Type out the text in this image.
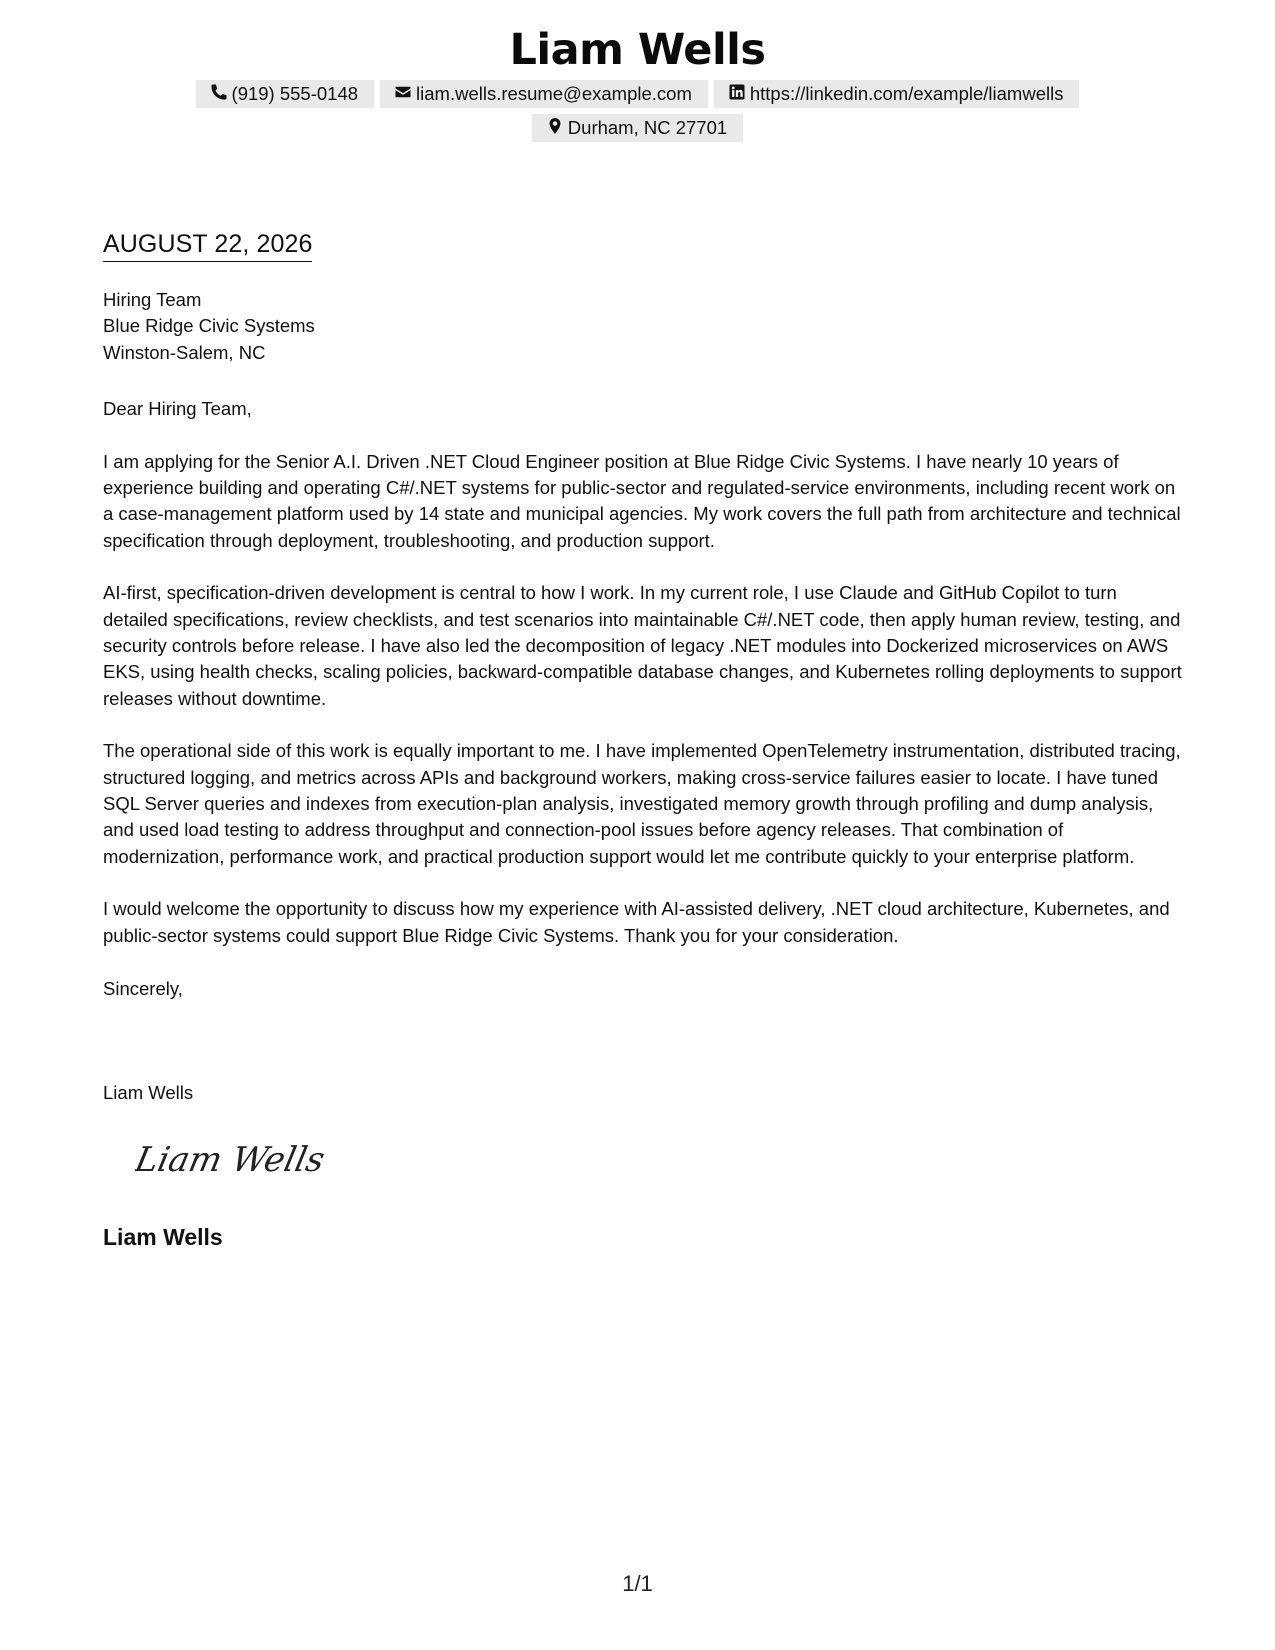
Liam Wells
(919) 555-0148	liam.wells.resume@example.com	https://linkedin.com/example/liamwells
Durham, NC 27701
AUGUST 22, 2026
Hiring Team
Blue Ridge Civic Systems
Winston-Salem, NC

Dear Hiring Team,

I am applying for the Senior A.I. Driven .NET Cloud Engineer position at Blue Ridge Civic Systems. I have nearly 10 years of experience building and operating C#/.NET systems for public-sector and regulated-service environments, including recent work on a case-management platform used by 14 state and municipal agencies. My work covers the full path from architecture and technical specification through deployment, troubleshooting, and production support.

AI-first, specification-driven development is central to how I work. In my current role, I use Claude and GitHub Copilot to turn detailed specifications, review checklists, and test scenarios into maintainable C#/.NET code, then apply human review, testing, and security controls before release. I have also led the decomposition of legacy .NET modules into Dockerized microservices on AWS EKS, using health checks, scaling policies, backward-compatible database changes, and Kubernetes rolling deployments to support releases without downtime.

The operational side of this work is equally important to me. I have implemented OpenTelemetry instrumentation, distributed tracing, structured logging, and metrics across APIs and background workers, making cross-service failures easier to locate. I have tuned SQL Server queries and indexes from execution-plan analysis, investigated memory growth through profiling and dump analysis, and used load testing to address throughput and connection-pool issues before agency releases. That combination of modernization, performance work, and practical production support would let me contribute quickly to your enterprise platform.

I would welcome the opportunity to discuss how my experience with AI-assisted delivery, .NET cloud architecture, Kubernetes, and public-sector systems could support Blue Ridge Civic Systems. Thank you for your consideration.

Sincerely,

Liam Wells
Liam Wells
Liam Wells
1/1
